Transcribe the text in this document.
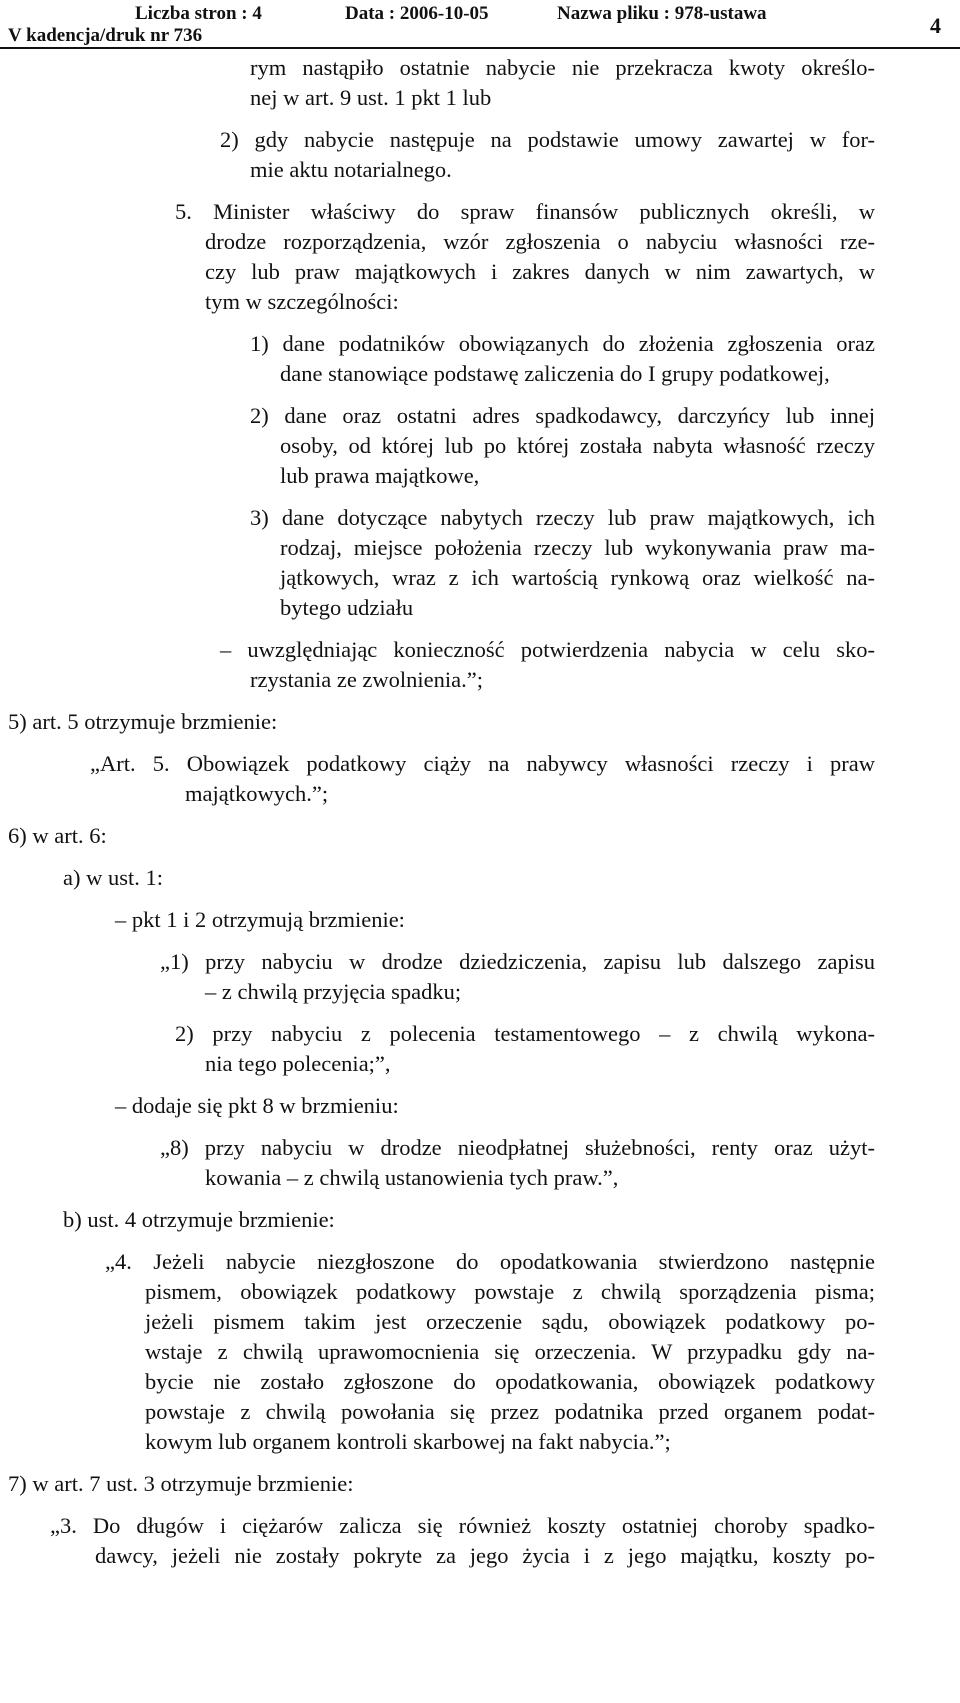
Liczba stron : 4	Data : 2006-10-05	Nazwa pliku : 978-ustawa
V kadencja/druk nr 736	4
rym nastąpiło ostatnie nabycie nie przekracza kwoty określo-
nej w art. 9 ust. 1 pkt 1 lub
2) gdy nabycie następuje na podstawie umowy zawartej w for-
mie aktu notarialnego.
5. Minister właściwy do spraw finansów publicznych określi, w
drodze rozporządzenia, wzór zgłoszenia o nabyciu własności rze-
czy lub praw majątkowych i zakres danych w nim zawartych, w
tym w szczególności:
1) dane podatników obowiązanych do złożenia zgłoszenia oraz
dane stanowiące podstawę zaliczenia do I grupy podatkowej,
2) dane oraz ostatni adres spadkodawcy, darczyńcy lub innej
osoby, od której lub po której została nabyta własność rzeczy
lub prawa majątkowe,
3) dane dotyczące nabytych rzeczy lub praw majątkowych, ich
rodzaj, miejsce położenia rzeczy lub wykonywania praw ma-
jątkowych, wraz z ich wartością rynkową oraz wielkość na-
bytego udziału
– uwzględniając konieczność potwierdzenia nabycia w celu sko-
rzystania ze zwolnienia.”;
5) art. 5 otrzymuje brzmienie:
„Art. 5. Obowiązek podatkowy ciąży na nabywcy własności rzeczy i praw
majątkowych.”;
6) w art. 6:
a) w ust. 1:
– pkt 1 i 2 otrzymują brzmienie:
„1) przy nabyciu w drodze dziedziczenia, zapisu lub dalszego zapisu
– z chwilą przyjęcia spadku;
2) przy nabyciu z polecenia testamentowego – z chwilą wykona-
nia tego polecenia;”,
– dodaje się pkt 8 w brzmieniu:
„8) przy nabyciu w drodze nieodpłatnej służebności, renty oraz użyt-
kowania – z chwilą ustanowienia tych praw.”,
b) ust. 4 otrzymuje brzmienie:
„4. Jeżeli nabycie niezgłoszone do opodatkowania stwierdzono następnie
pismem, obowiązek podatkowy powstaje z chwilą sporządzenia pisma;
jeżeli pismem takim jest orzeczenie sądu, obowiązek podatkowy po-
wstaje z chwilą uprawomocnienia się orzeczenia. W przypadku gdy na-
bycie nie zostało zgłoszone do opodatkowania, obowiązek podatkowy
powstaje z chwilą powołania się przez podatnika przed organem podat-
kowym lub organem kontroli skarbowej na fakt nabycia.”;
7) w art. 7 ust. 3 otrzymuje brzmienie:
„3. Do długów i ciężarów zalicza się również koszty ostatniej choroby spadko-
dawcy, jeżeli nie zostały pokryte za jego życia i z jego majątku, koszty po-
